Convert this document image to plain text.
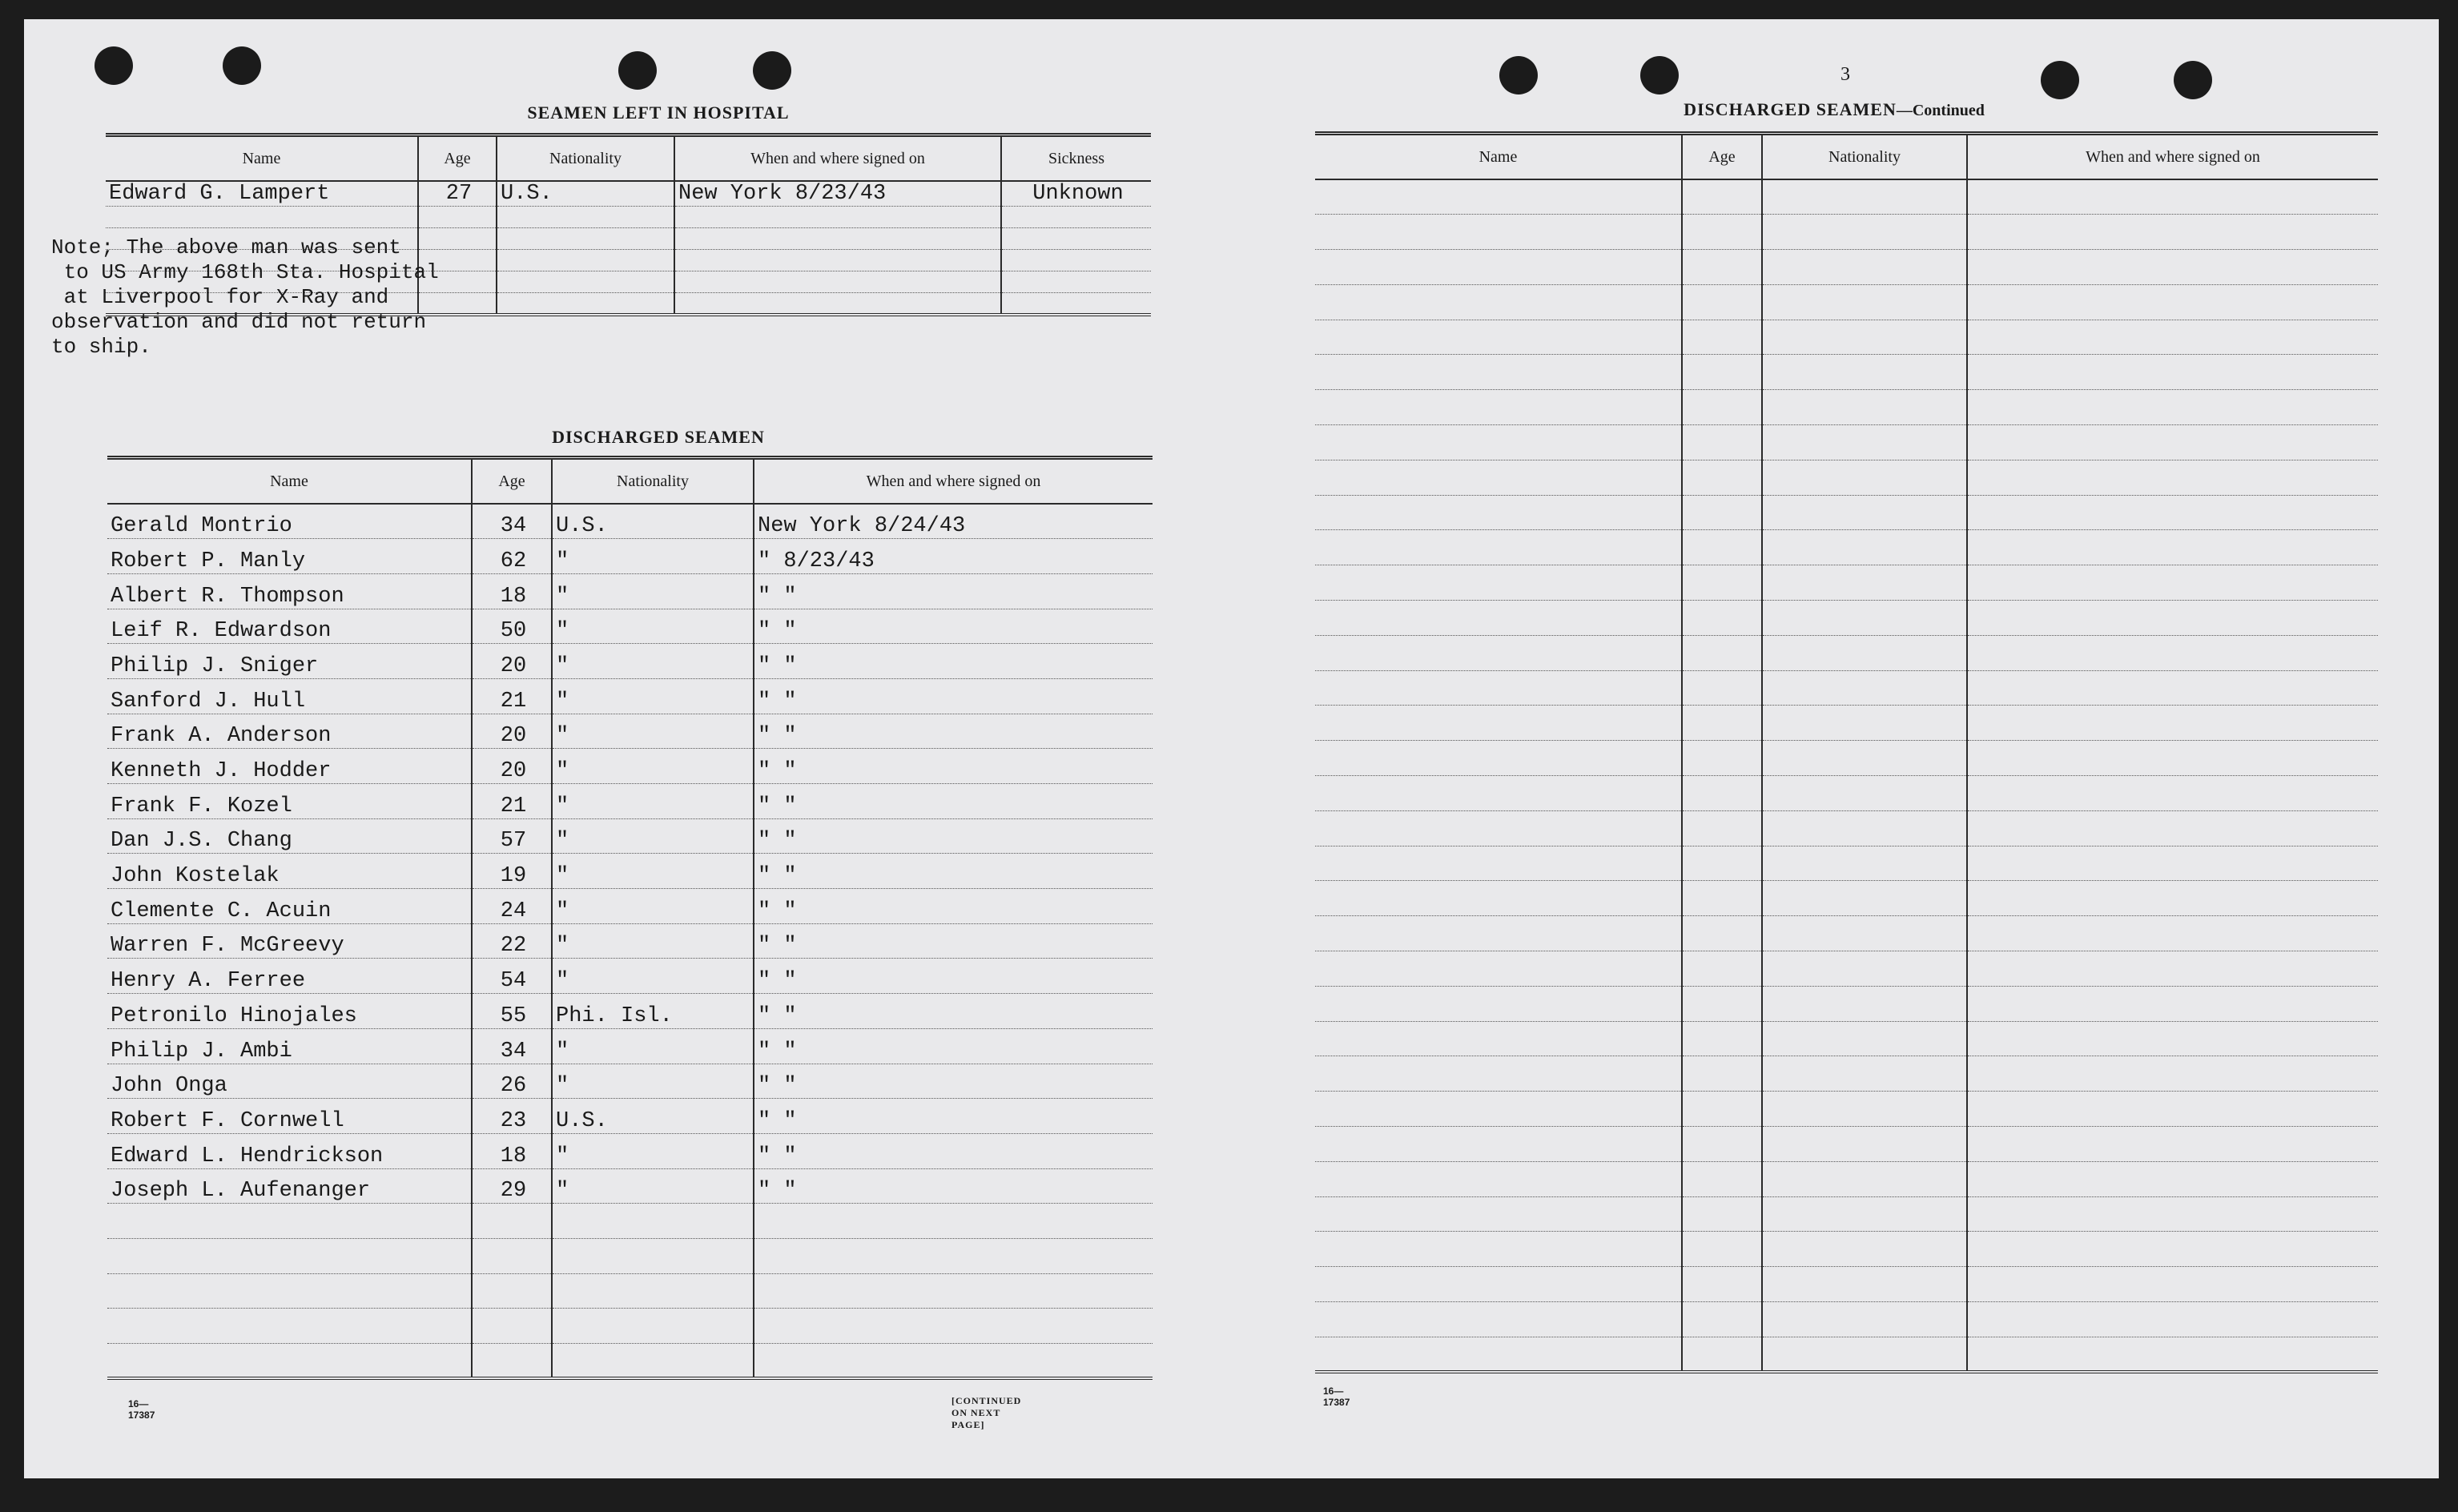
SEAMEN LEFT IN HOSPITAL
Name	Age	Nationality	When and where signed on	Sickness
Edward G. Lampert	27	U.S.	New York 8/23/43	Unknown

Note; The above man was sent
to US Army 168th Sta. Hospital
at Liverpool for X-Ray and
observation and did not return
to ship.
DISCHARGED SEAMEN
Name	Age	Nationality	When and where signed on
Gerald Montrio	34	U.S.	New York 8/24/43
Robert P. Manly	62	"	" 8/23/43
Albert R. Thompson	18	"	" "
Leif R. Edwardson	50	"	" "
Philip J. Sniger	20	"	" "
Sanford J. Hull	21	"	" "
Frank A. Anderson	20	"	" "
Kenneth J. Hodder	20	"	" "
Frank F. Kozel	21	"	" "
Dan J.S. Chang	57	"	" "
John Kostelak	19	"	" "
Clemente C. Acuin	24	"	" "
Warren F. McGreevy	22	"	" "
Henry A. Ferree	54	"	" "
Petronilo Hinojales	55	Phi. Isl.	" "
Philip J. Ambi	34	"	" "
John Onga	26	"	" "
Robert F. Cornwell	23	U.S.	" "
Edward L. Hendrickson	18	"	" "
Joseph L. Aufenanger	29	"	" "

16—17387
[CONTINUED ON NEXT PAGE]
3
DISCHARGED SEAMEN—Continued
Name	Age	Nationality	When and where signed on

16—17387
